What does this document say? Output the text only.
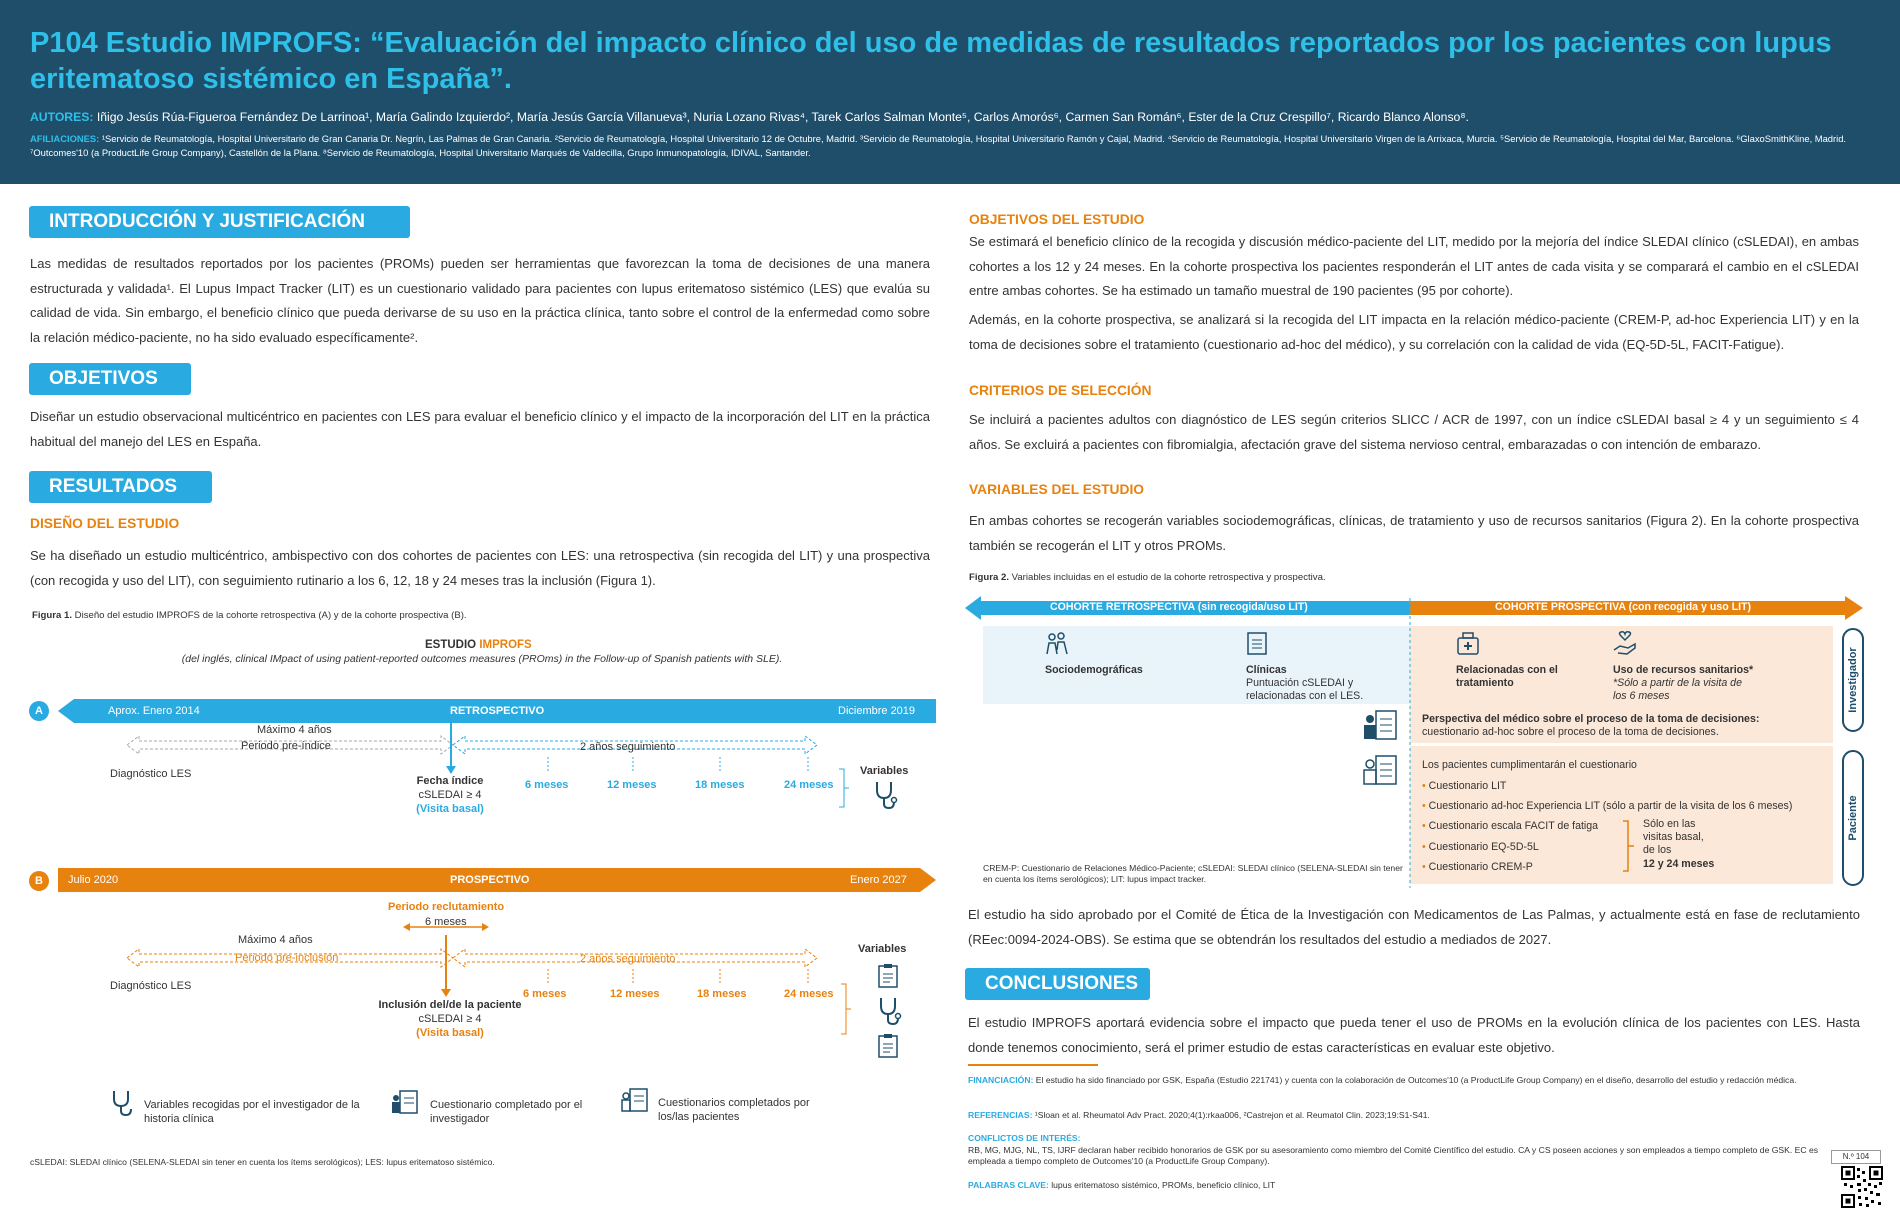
P104 Estudio IMPROFS: “Evaluación del impacto clínico del uso de medidas de resultados reportados por los pacientes con lupus eritematoso sistémico en España”.
AUTORES: Iñigo Jesús Rúa-Figueroa Fernández De Larrinoa¹, María Galindo Izquierdo², María Jesús García Villanueva³, Nuria Lozano Rivas⁴, Tarek Carlos Salman Monte⁵, Carlos Amorós⁶, Carmen San Román⁶, Ester de la Cruz Crespillo⁷, Ricardo Blanco Alonso⁸.
AFILIACIONES: ¹Servicio de Reumatología, Hospital Universitario de Gran Canaria Dr. Negrín, Las Palmas de Gran Canaria. ²Servicio de Reumatología, Hospital Universitario 12 de Octubre, Madrid. ³Servicio de Reumatología, Hospital Universitario Ramón y Cajal, Madrid. ⁴Servicio de Reumatología, Hospital Universitario Virgen de la Arrixaca, Murcia. ⁵Servicio de Reumatología, Hospital del Mar, Barcelona. ⁶GlaxoSmithKline, Madrid. ⁷Outcomes'10 (a ProductLife Group Company), Castellón de la Plana. ⁸Servicio de Reumatología, Hospital Universitario Marqués de Valdecilla, Grupo Inmunopatología, IDIVAL, Santander.
INTRODUCCIÓN Y JUSTIFICACIÓN
Las medidas de resultados reportados por los pacientes (PROMs) pueden ser herramientas que favorezcan la toma de decisiones de una manera estructurada y validada¹. El Lupus Impact Tracker (LIT) es un cuestionario validado para pacientes con lupus eritematoso sistémico (LES) que evalúa su calidad de vida. Sin embargo, el beneficio clínico que pueda derivarse de su uso en la práctica clínica, tanto sobre el control de la enfermedad como sobre la relación médico-paciente, no ha sido evaluado específicamente².
OBJETIVOS
Diseñar un estudio observacional multicéntrico en pacientes con LES para evaluar el beneficio clínico y el impacto de la incorporación del LIT en la práctica habitual del manejo del LES en España.
RESULTADOS
DISEÑO DEL ESTUDIO
Se ha diseñado un estudio multicéntrico, ambispectivo con dos cohortes de pacientes con LES: una retrospectiva (sin recogida del LIT) y una prospectiva (con recogida y uso del LIT), con seguimiento rutinario a los 6, 12, 18 y 24 meses tras la inclusión (Figura 1).
Figura 1. Diseño del estudio IMPROFS de la cohorte retrospectiva (A) y de la cohorte prospectiva (B).
ESTUDIO IMPROFS
(del inglés, clinical IMpact of using patient-reported outcomes measures (PROms) in the Follow-up of Spanish patients with SLE).
A	Aprox. Enero 2014	RETROSPECTIVO	Diciembre 2019
Máximo 4 años
Periodo pre-índice	2 años seguimiento
Diagnóstico LES
Fecha índice
cSLEDAI ≥ 4
(Visita basal)
6 meses	12 meses	18 meses	24 meses
Variables
B	Julio 2020	PROSPECTIVO	Enero 2027
Periodo reclutamiento
6 meses
Máximo 4 años
Periodo pre-inclusión	2 años seguimiento
Diagnóstico LES
Inclusión del/de la paciente
cSLEDAI ≥ 4
(Visita basal)
6 meses	12 meses	18 meses	24 meses
Variables
Variables recogidas por el investigador de la historia clínica
Cuestionario completado por el investigador
Cuestionarios completados por los/las pacientes
cSLEDAI: SLEDAI clínico (SELENA-SLEDAI sin tener en cuenta los ítems serológicos); LES: lupus eritematoso sistémico.
OBJETIVOS DEL ESTUDIO
Se estimará el beneficio clínico de la recogida y discusión médico-paciente del LIT, medido por la mejoría del índice SLEDAI clínico (cSLEDAI), en ambas cohortes a los 12 y 24 meses. En la cohorte prospectiva los pacientes responderán el LIT antes de cada visita y se comparará el cambio en el cSLEDAI entre ambas cohortes. Se ha estimado un tamaño muestral de 190 pacientes (95 por cohorte).
Además, en la cohorte prospectiva, se analizará si la recogida del LIT impacta en la relación médico-paciente (CREM-P, ad-hoc Experiencia LIT) y en la toma de decisiones sobre el tratamiento (cuestionario ad-hoc del médico), y su correlación con la calidad de vida (EQ-5D-5L, FACIT-Fatigue).
CRITERIOS DE SELECCIÓN
Se incluirá a pacientes adultos con diagnóstico de LES según criterios SLICC / ACR de 1997, con un índice cSLEDAI basal ≥ 4 y un seguimiento ≤ 4 años. Se excluirá a pacientes con fibromialgia, afectación grave del sistema nervioso central, embarazadas o con intención de embarazo.
VARIABLES DEL ESTUDIO
En ambas cohortes se recogerán variables sociodemográficas, clínicas, de tratamiento y uso de recursos sanitarios (Figura 2). En la cohorte prospectiva también se recogerán el LIT y otros PROMs.
Figura 2. Variables incluidas en el estudio de la cohorte retrospectiva y prospectiva.
COHORTE RETROSPECTIVA (sin recogida/uso LIT)	COHORTE PROSPECTIVA (con recogida y uso LIT)
Sociodemográficas	Clínicas
Puntuación cSLEDAI y relacionadas con el LES.
Relacionadas con el tratamiento
Uso de recursos sanitarios*
*Sólo a partir de la visita de los 6 meses
Perspectiva del médico sobre el proceso de la toma de decisiones:
cuestionario ad-hoc sobre el proceso de la toma de decisiones.
Los pacientes cumplimentarán el cuestionario
• Cuestionario LIT
• Cuestionario ad-hoc Experiencia LIT (sólo a partir de la visita de los 6 meses)
• Cuestionario escala FACIT de fatiga
• Cuestionario EQ-5D-5L
• Cuestionario CREM-P
Sólo en las visitas basal, de los
12 y 24 meses
Investigador
Paciente
CREM-P: Cuestionario de Relaciones Médico-Paciente; cSLEDAI: SLEDAI clínico (SELENA-SLEDAI sin tener en cuenta los ítems serológicos); LIT: lupus impact tracker.
El estudio ha sido aprobado por el Comité de Ética de la Investigación con Medicamentos de Las Palmas, y actualmente está en fase de reclutamiento (REec:0094-2024-OBS). Se estima que se obtendrán los resultados del estudio a mediados de 2027.
CONCLUSIONES
El estudio IMPROFS aportará evidencia sobre el impacto que pueda tener el uso de PROMs en la evolución clínica de los pacientes con LES. Hasta donde tenemos conocimiento, será el primer estudio de estas características en evaluar este objetivo.
FINANCIACIÓN: El estudio ha sido financiado por GSK, España (Estudio 221741) y cuenta con la colaboración de Outcomes'10 (a ProductLife Group Company) en el diseño, desarrollo del estudio y redacción médica.
REFERENCIAS: ¹Sloan et al. Rheumatol Adv Pract. 2020;4(1):rkaa006, ²Castrejon et al. Reumatol Clin. 2023;19:S1-S41.
CONFLICTOS DE INTERÉS:
RB, MG, MJG, NL, TS, IJRF declaran haber recibido honorarios de GSK por su asesoramiento como miembro del Comité Científico del estudio. CA y CS poseen acciones y son empleados a tiempo completo de GSK. EC es empleada a tiempo completo de Outcomes'10 (a ProductLife Group Company).
PALABRAS CLAVE: lupus eritematoso sistémico, PROMs, beneficio clínico, LIT
N.º 104
